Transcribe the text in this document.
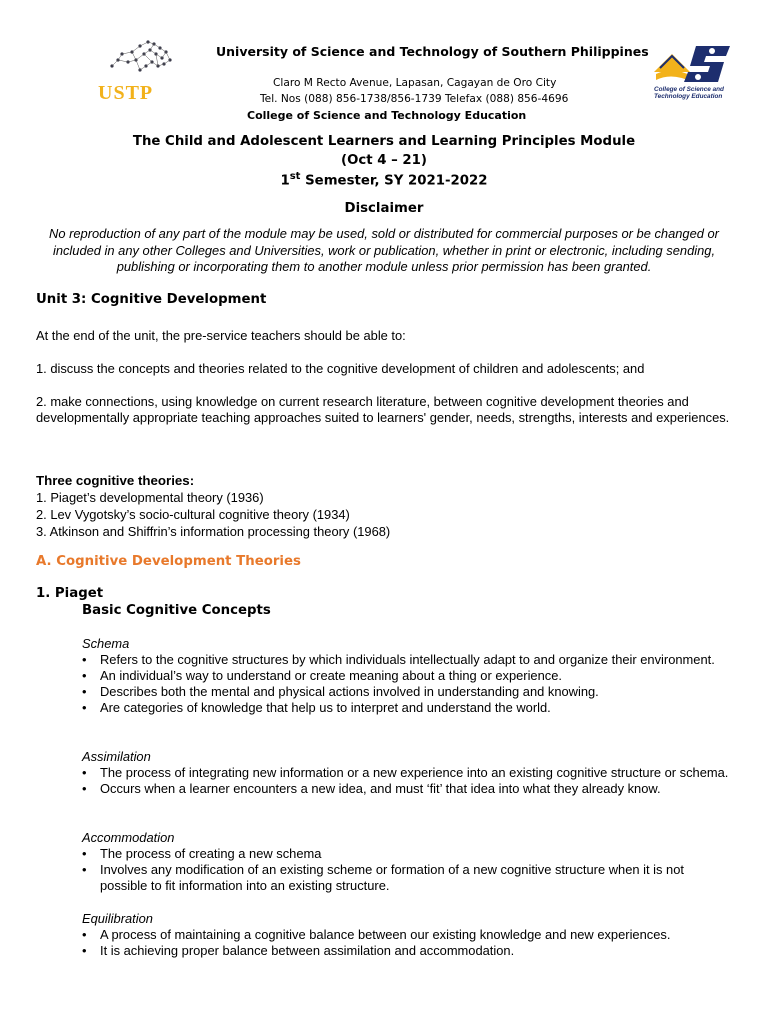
USTP
University of Science and Technology of Southern Philippines
Claro M Recto Avenue, Lapasan, Cagayan de Oro City
Tel. Nos (088) 856-1738/856-1739 Telefax (088) 856-4696
College of Science and Technology Education
College of Science and Technology Education
The Child and Adolescent Learners and Learning Principles Module
(Oct 4 – 21)
1st Semester, SY 2021-2022
Disclaimer
No reproduction of any part of the module may be used, sold or distributed for commercial purposes or be changed or included in any other Colleges and Universities, work or publication, whether in print or electronic, including sending, publishing or incorporating them to another module unless prior permission has been granted.
Unit 3: Cognitive Development
At the end of the unit, the pre-service teachers should be able to:
1. discuss the concepts and theories related to the cognitive development of children and adolescents; and
2. make connections, using knowledge on current research literature, between cognitive development theories and developmentally appropriate teaching approaches suited to learners' gender, needs, strengths, interests and experiences.
Three cognitive theories:
1. Piaget’s developmental theory (1936)
2. Lev Vygotsky’s socio-cultural cognitive theory (1934)
3. Atkinson and Shiffrin’s information processing theory (1968)
A. Cognitive Development Theories
1. Piaget
Basic Cognitive Concepts
Schema
• Refers to the cognitive structures by which individuals intellectually adapt to and organize their environment.
• An individual’s way to understand or create meaning about a thing or experience.
• Describes both the mental and physical actions involved in understanding and knowing.
• Are categories of knowledge that help us to interpret and understand the world.
Assimilation
• The process of integrating new information or a new experience into an existing cognitive structure or schema.
• Occurs when a learner encounters a new idea, and must ‘fit’ that idea into what they already know.
Accommodation
• The process of creating a new schema
• Involves any modification of an existing scheme or formation of a new cognitive structure when it is not possible to fit information into an existing structure.
Equilibration
• A process of maintaining a cognitive balance between our existing knowledge and new experiences.
• It is achieving proper balance between assimilation and accommodation.
